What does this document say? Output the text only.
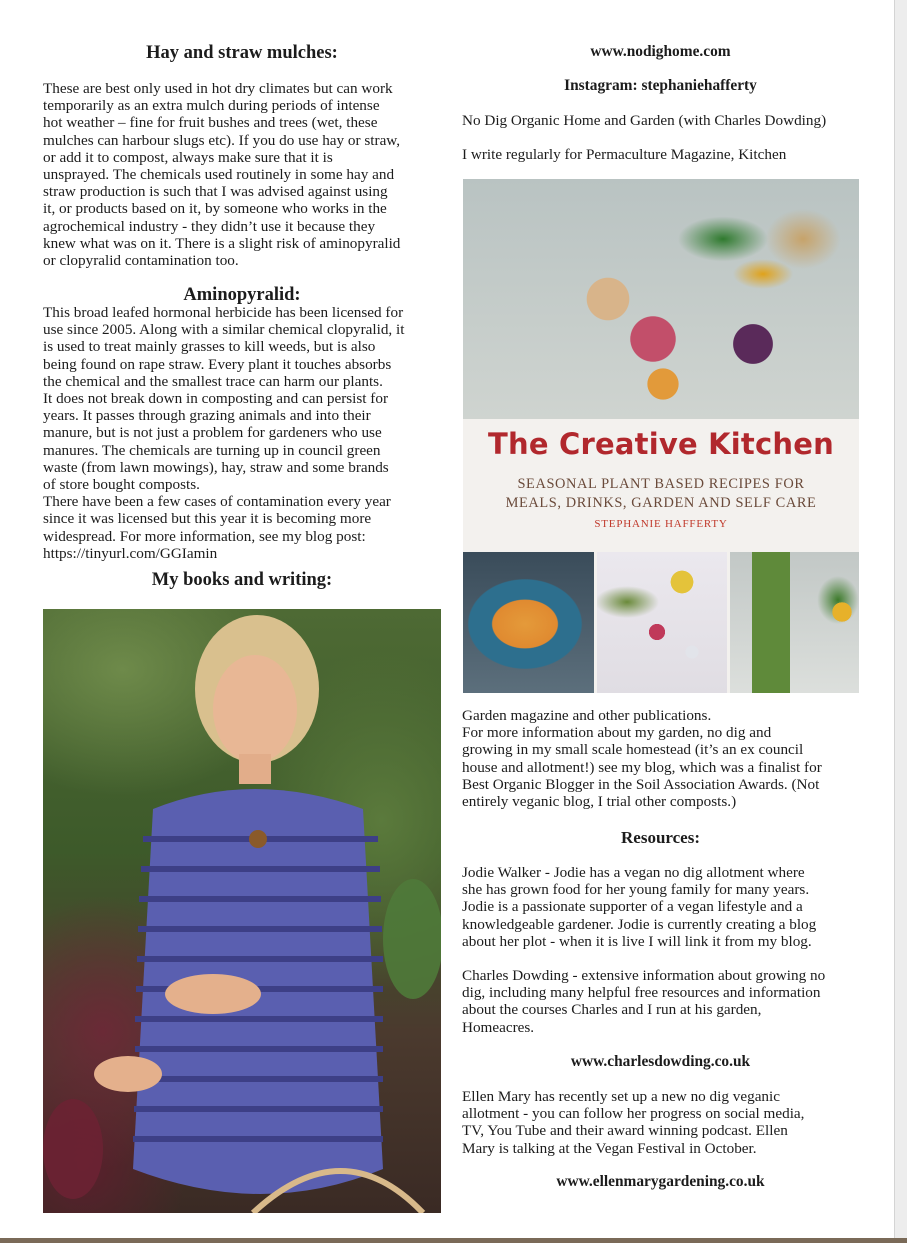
Hay and straw mulches:

These are best only used in hot dry climates but can work
temporarily as an extra mulch during periods of intense
hot weather – fine for fruit bushes and trees (wet, these
mulches can harbour slugs etc). If you do use hay or straw,
or add it to compost, always make sure that it is
unsprayed. The chemicals used routinely in some hay and
straw production is such that I was advised against using
it, or products based on it, by someone who works in the
agrochemical industry - they didn’t use it because they
knew what was on it. There is a slight risk of aminopyralid
or clopyralid contamination too.

Aminopyralid:

This broad leafed hormonal herbicide has been licensed for
use since 2005. Along with a similar chemical clopyralid, it
is used to treat mainly grasses to kill weeds, but is also
being found on rape straw. Every plant it touches absorbs
the chemical and the smallest trace can harm our plants.
It does not break down in composting and can persist for
years. It passes through grazing animals and into their
manure, but is not just a problem for gardeners who use
manures. The chemicals are turning up in council green
waste (from lawn mowings), hay, straw and some brands
of store bought composts.
There have been a few cases of contamination every year
since it was licensed but this year it is becoming more
widespread. For more information, see my blog post:
https://tinyurl.com/GGIamin

My books and writing:
www.nodighome.com
Instagram: stephaniehafferty

No Dig Organic Home and Garden (with Charles Dowding)

I write regularly for Permaculture Magazine, Kitchen

The Creative Kitchen
SEASONAL PLANT BASED RECIPES FOR
MEALS, DRINKS, GARDEN AND SELF CARE
STEPHANIE HAFFERTY

Garden magazine and other publications.
For more information about my garden, no dig and
growing in my small scale homestead (it’s an ex council
house and allotment!) see my blog, which was a finalist for
Best Organic Blogger in the Soil Association Awards. (Not
entirely veganic blog, I trial other composts.)

Resources:

Jodie Walker - Jodie has a vegan no dig allotment where
she has grown food for her young family for many years.
Jodie is a passionate supporter of a vegan lifestyle and a
knowledgeable gardener. Jodie is currently creating a blog
about her plot - when it is live I will link it from my blog.

Charles Dowding - extensive information about growing no
dig, including many helpful free resources and information
about the courses Charles and I run at his garden,
Homeacres.

www.charlesdowding.co.uk

Ellen Mary has recently set up a new no dig veganic
allotment - you can follow her progress on social media,
TV, You Tube and their award winning podcast. Ellen
Mary is talking at the Vegan Festival in October.

www.ellenmarygardening.co.uk
